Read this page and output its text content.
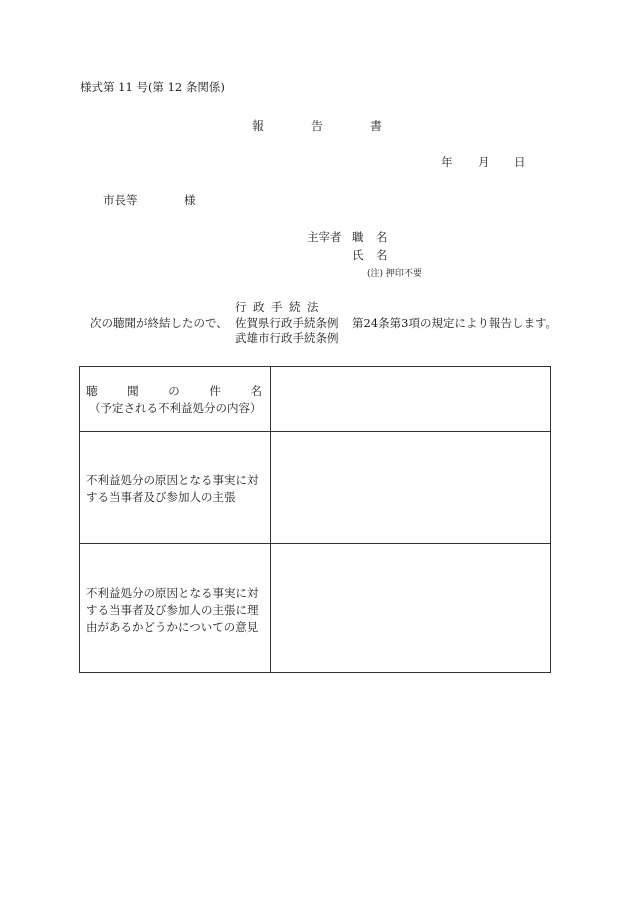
様式第 11 号(第 12 条関係)
報	告	書
年 月 日
市長等	様
主宰者 職 名
氏 名
(注) 押印不要
行政手続法
次の聴聞が終結したので、 佐賀県行政手続条例 第24条第3項の規定により報告します。
武雄市行政手続条例
聴	聞	の	件	名
（予定される不利益処分の内容）
不利益処分の原因となる事実に対
する当事者及び参加人の主張
不利益処分の原因となる事実に対
する当事者及び参加人の主張に理
由があるかどうかについての意見
